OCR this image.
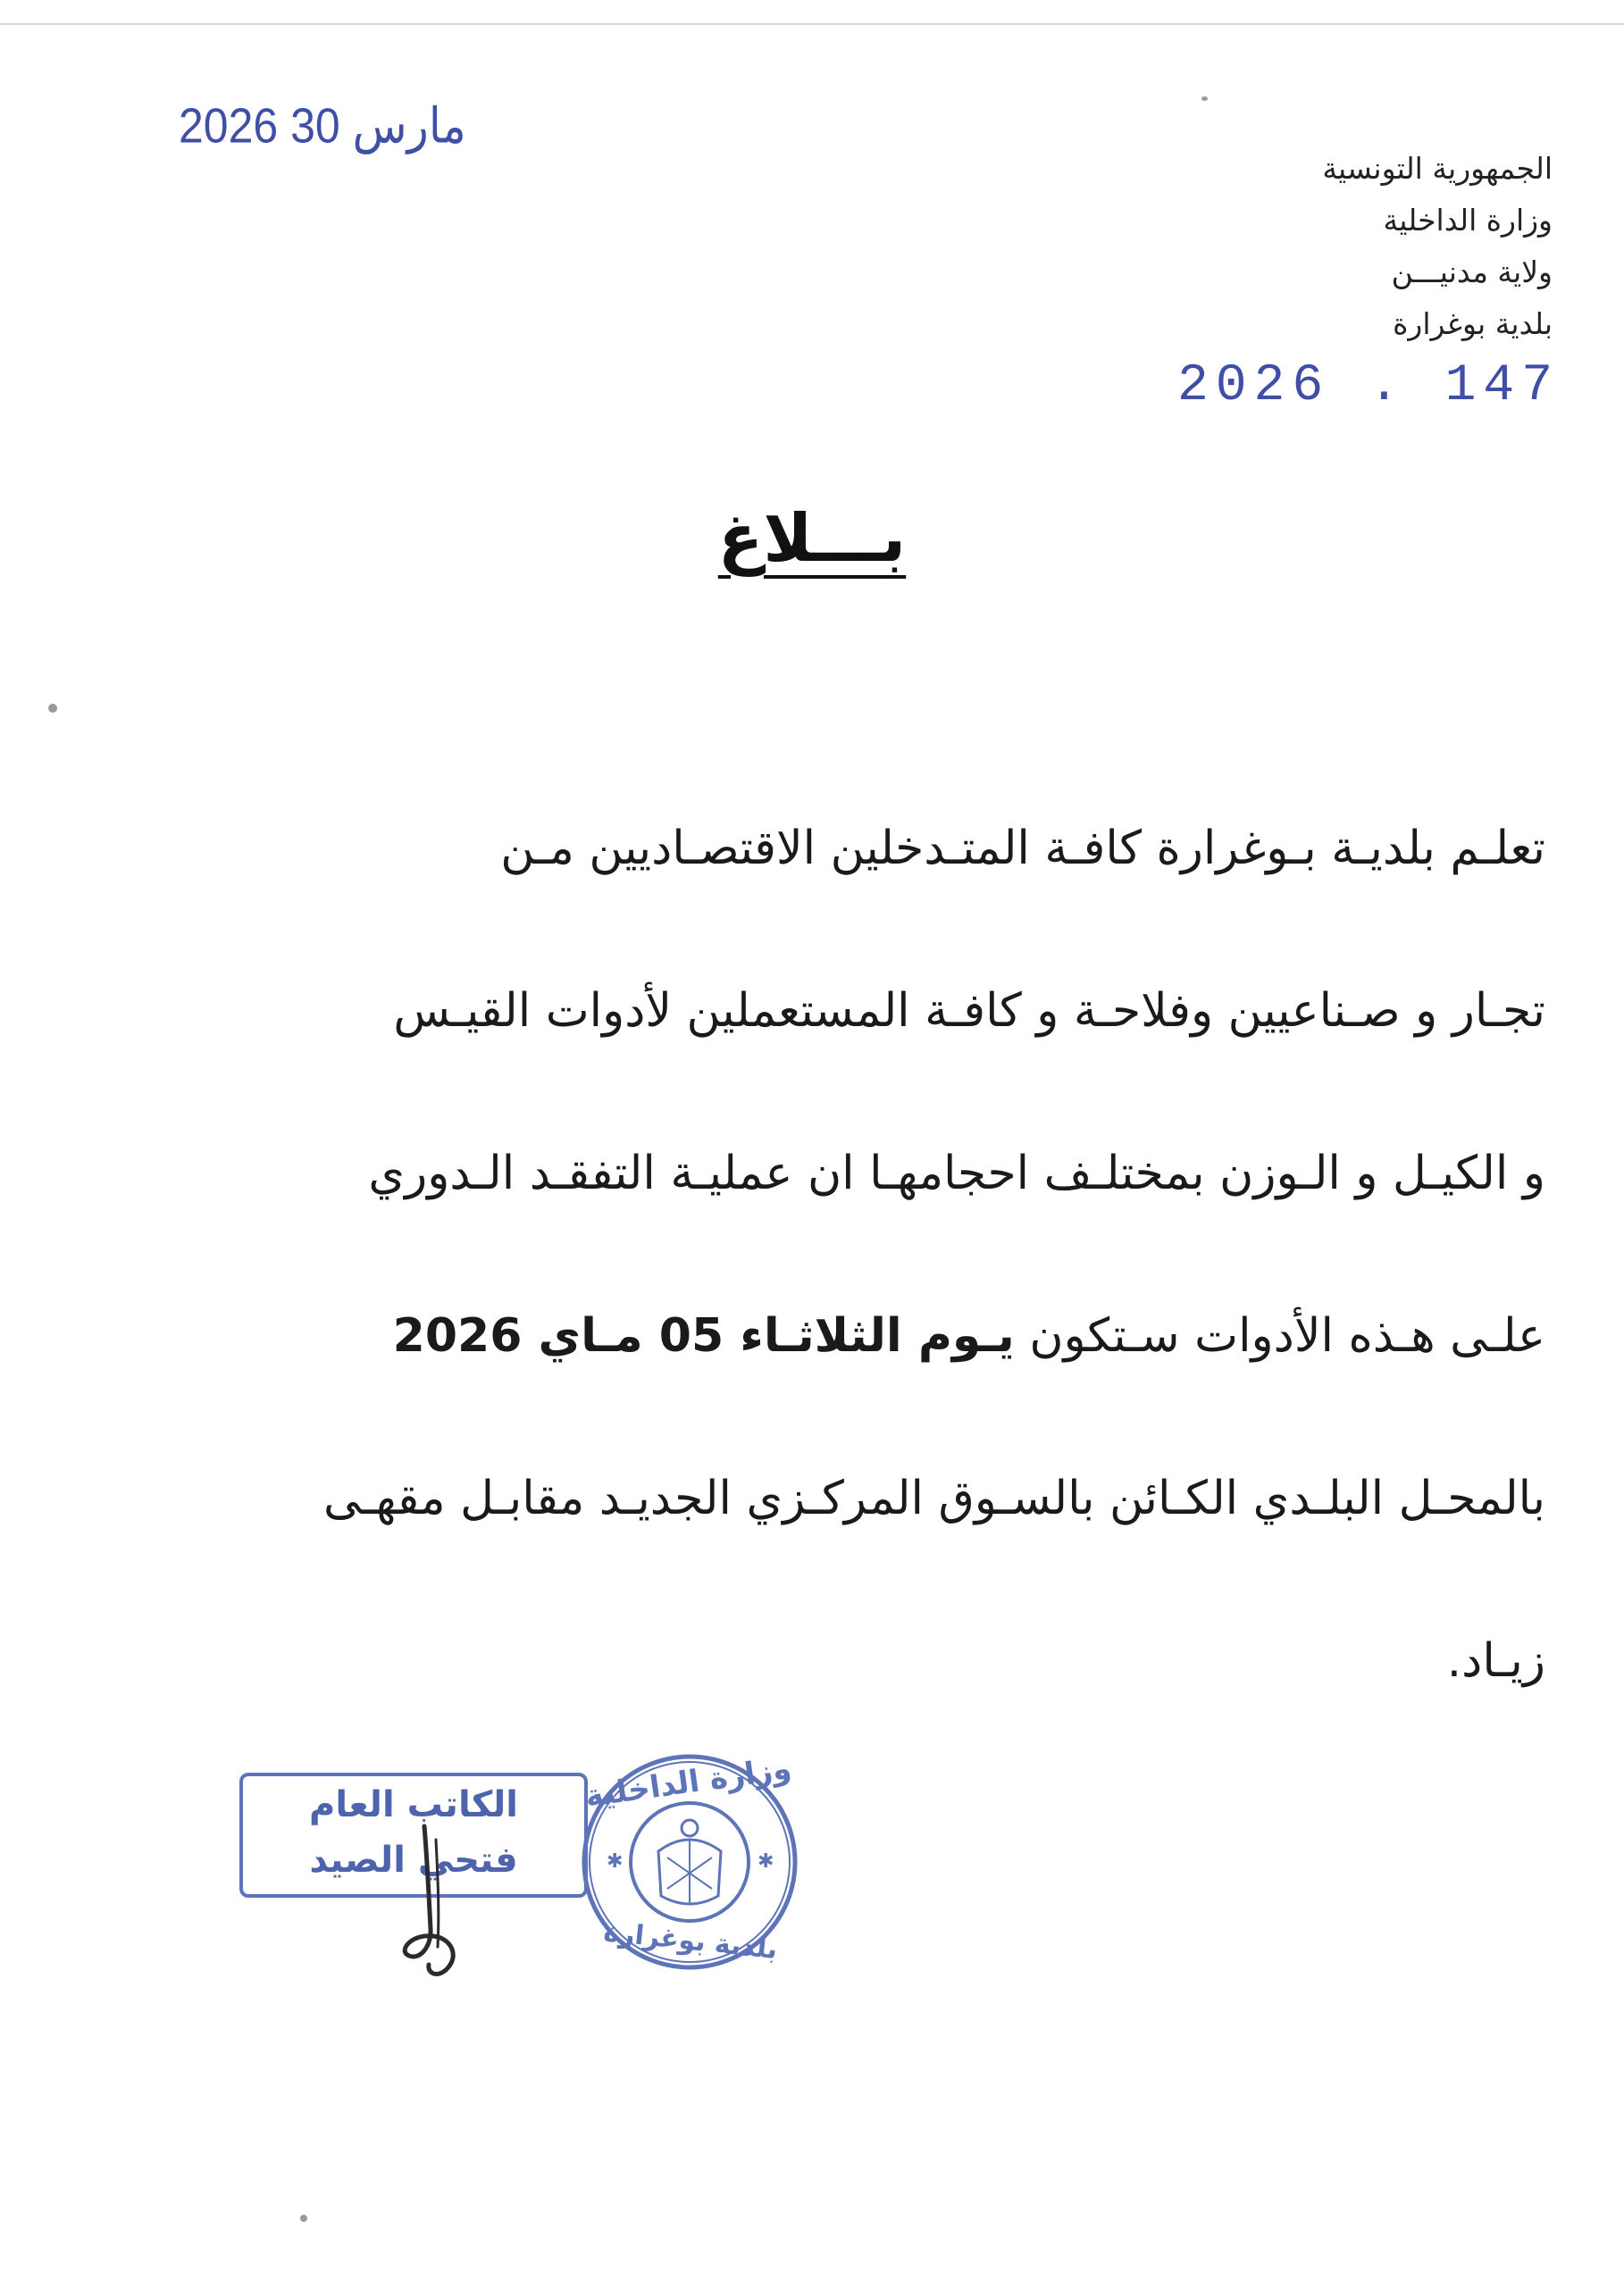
2026 مارس 30
الجمهورية التونسية
وزارة الداخلية
ولاية مدنيـــن
بلدية بوغرارة
2026 . 147
بـــلاغ
تعلـم بلديـة بـوغرارة كافـة المتـدخلين الاقتصـاديين مـن
تجـار و صـناعيين وفلاحـة و كافـة المستعملين لأدوات القيـس
و الكيـل و الـوزن بمختلـف احجامهـا ان عمليـة التفقـد الـدوري
علـى هـذه الأدوات سـتكون يـوم الثلاثـاء 05 مـاي 2026
بالمحـل البلـدي الكـائن بالسـوق المركـزي الجديـد مقابـل مقهـى
زيـاد.
الكاتب العام
فتحي الصيد	✱	✱
وزارة الداخلية
بلدية بوغرارة
